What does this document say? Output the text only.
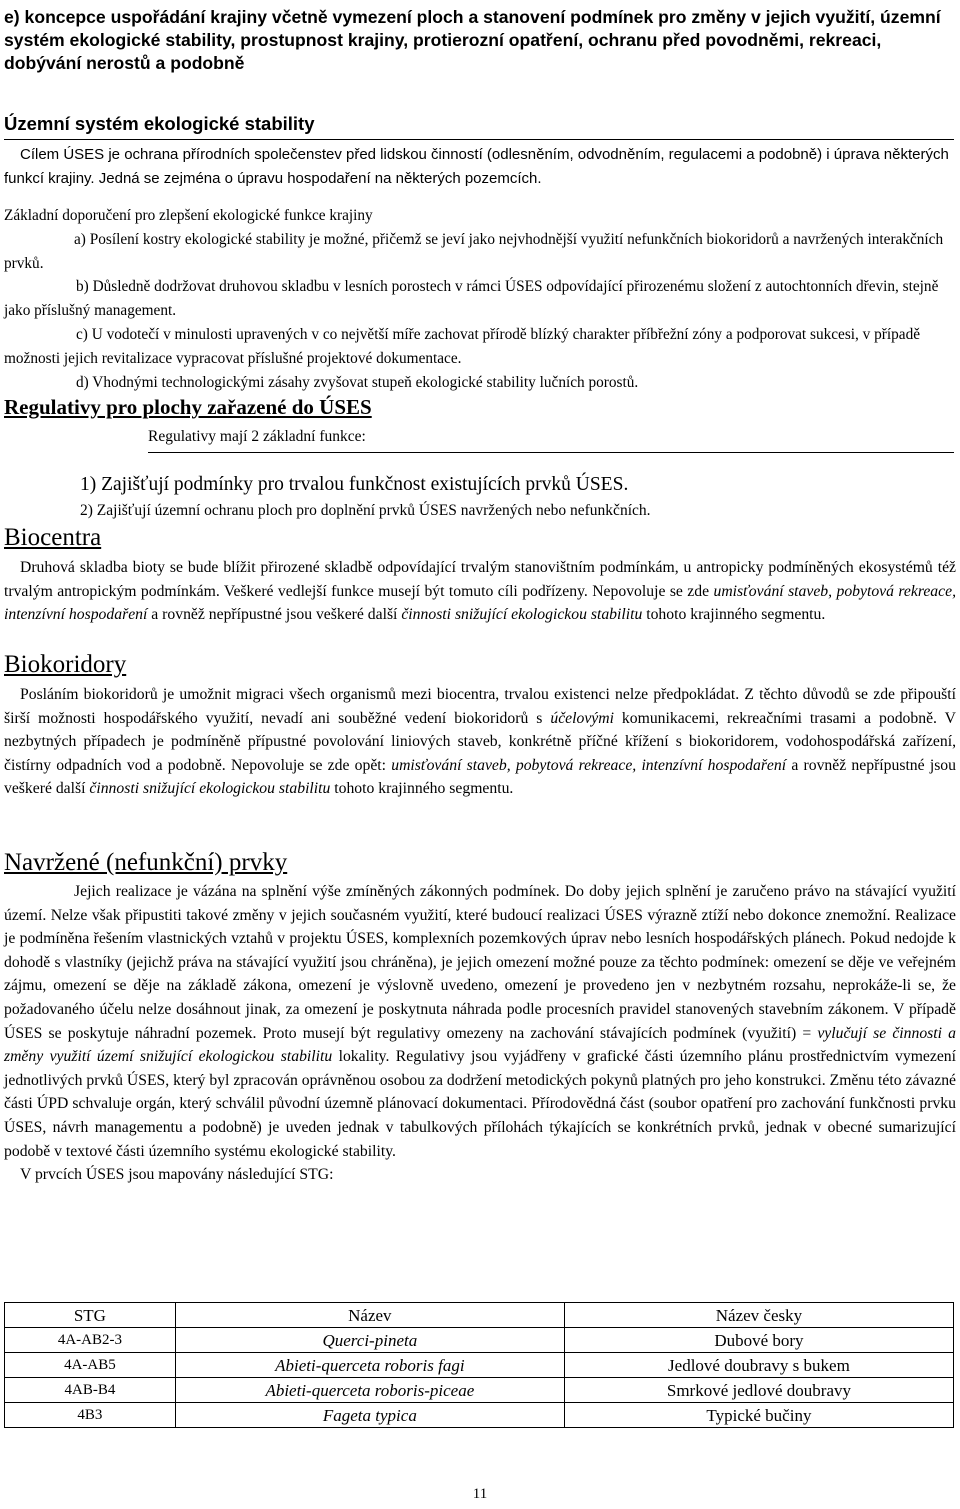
e) koncepce uspořádání krajiny včetně vymezení ploch a stanovení podmínek pro změny v jejich využití, územní systém ekologické stability, prostupnost krajiny, protierozní opatření, ochranu před povodněmi, rekreaci, dobývání nerostů a podobně
Územní systém ekologické stability

Cílem ÚSES je ochrana přírodních společenstev před lidskou činností (odlesněním, odvodněním, regulacemi a podobně) i úprava některých funkcí krajiny. Jedná se zejména o úpravu hospodaření na některých pozemcích.

Základní doporučení pro zlepšení ekologické funkce krajiny

a) Posílení kostry ekologické stability je možné, přičemž se jeví jako nejvhodnější využití nefunkčních biokoridorů a navržených interakčních prvků.

b) Důsledně dodržovat druhovou skladbu v lesních porostech v rámci ÚSES odpovídající přirozenému složení z autochtonních dřevin, stejně jako příslušný management.

c) U vodotečí v minulosti upravených v co největší míře zachovat přírodě blízký charakter příbřežní zóny a podporovat sukcesi, v případě možnosti jejich revitalizace vypracovat příslušné projektové dokumentace.

d) Vhodnými technologickými zásahy zvyšovat stupeň ekologické stability lučních porostů.

Regulativy pro plochy zařazené do ÚSES
Regulativy mají 2 základní funkce:
1) Zajišťují podmínky pro trvalou funkčnost existujících prvků ÚSES.
2) Zajišťují územní ochranu ploch pro doplnění prvků ÚSES navržených nebo nefunkčních.
Biocentra

Druhová skladba bioty se bude blížit přirozené skladbě odpovídající trvalým stanovištním podmínkám, u antropicky podmíněných ekosystémů též trvalým antropickým podmínkám. Veškeré vedlejší funkce musejí být tomuto cíli podřízeny. Nepovoluje se zde umisťování staveb, pobytová rekreace, intenzívní hospodaření a rovněž nepřípustné jsou veškeré další činnosti snižující ekologickou stabilitu tohoto krajinného segmentu.

Biokoridory

Posláním biokoridorů je umožnit migraci všech organismů mezi biocentra, trvalou existenci nelze předpokládat. Z těchto důvodů se zde připouští širší možnosti hospodářského využití, nevadí ani souběžné vedení biokoridorů s účelovými komunikacemi, rekreačními trasami a podobně. V nezbytných případech je podmíněně přípustné povolování liniových staveb, konkrétně příčné křížení s biokoridorem, vodohospodářská zařízení, čistírny odpadních vod a podobně. Nepovoluje se zde opět: umisťování staveb, pobytová rekreace, intenzívní hospodaření a rovněž nepřípustné jsou veškeré další činnosti snižující ekologickou stabilitu tohoto krajinného segmentu.

Navržené (nefunkční) prvky

Jejich realizace je vázána na splnění výše zmíněných zákonných podmínek. Do doby jejich splnění je zaručeno právo na stávající využití území. Nelze však připustiti takové změny v jejich současném využití, které budoucí realizaci ÚSES výrazně ztíží nebo dokonce znemožní. Realizace je podmíněna řešením vlastnických vztahů v projektu ÚSES, komplexních pozemkových úprav nebo lesních hospodářských plánech. Pokud nedojde k dohodě s vlastníky (jejichž práva na stávající využití jsou chráněna), je jejich omezení možné pouze za těchto podmínek: omezení se děje ve veřejném zájmu, omezení se děje na základě zákona, omezení je výslovně uvedeno, omezení je provedeno jen v nezbytném rozsahu, neprokáže-li se, že požadovaného účelu nelze dosáhnout jinak, za omezení je poskytnuta náhrada podle procesních pravidel stanovených stavebním zákonem. V případě ÚSES se poskytuje náhradní pozemek. Proto musejí být regulativy omezeny na zachování stávajících podmínek (využití) = vylučují se činnosti a změny využití území snižující ekologickou stabilitu lokality. Regulativy jsou vyjádřeny v grafické části územního plánu prostřednictvím vymezení jednotlivých prvků ÚSES, který byl zpracován oprávněnou osobou za dodržení metodických pokynů platných pro jeho konstrukci. Změnu této závazné části ÚPD schvaluje orgán, který schválil původní územně plánovací dokumentaci. Přírodovědná část (soubor opatření pro zachování funkčnosti prvku ÚSES, návrh managementu a podobně) je uveden jednak v tabulkových přílohách týkajících se konkrétních prvků, jednak v obecné sumarizující podobě v textové části územního systému ekologické stability.

V prvcích ÚSES jsou mapovány následující STG:

STG	Název	Název česky
4A-AB2-3	Querci-pineta	Dubové bory
4A-AB5	Abieti-querceta roboris fagi	Jedlové doubravy s bukem
4AB-B4	Abieti-querceta roboris-piceae	Smrkové jedlové doubravy
4B3	Fageta typica	Typické bučiny
11
